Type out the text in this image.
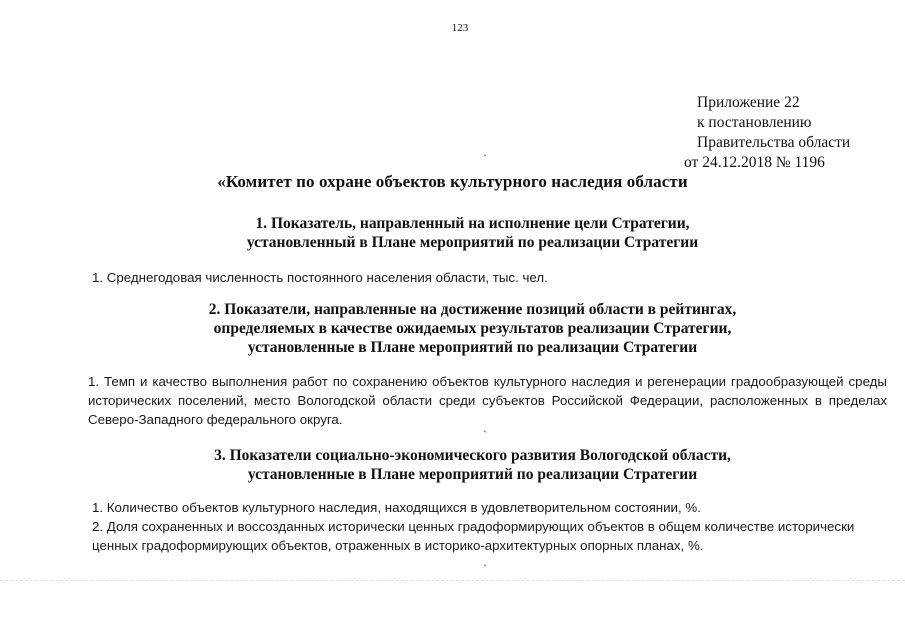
123
Приложение 22
к постановлению
Правительства области
от 24.12.2018 № 1196
«Комитет по охране объектов культурного наследия области
1. Показатель, направленный на исполнение цели Стратегии,
установленный в Плане мероприятий по реализации Стратегии
1. Среднегодовая численность постоянного населения области, тыс. чел.
2. Показатели, направленные на достижение позиций области в рейтингах,
определяемых в качестве ожидаемых результатов реализации Стратегии,
установленные в Плане мероприятий по реализации Стратегии
1. Темп и качество выполнения работ по сохранению объектов культурного наследия и регенерации градообразующей среды исторических поселений, место Вологодской области среди субъектов Российской Федерации, расположенных в пределах Северо-Западного федерального округа.
3. Показатели социально-экономического развития Вологодской области,
установленные в Плане мероприятий по реализации Стратегии
1. Количество объектов культурного наследия, находящихся в удовлетворительном состоянии, %.
2. Доля сохраненных и воссозданных исторически ценных градоформирующих объектов в общем количестве исторически ценных градоформирующих объектов, отраженных в историко-архитектурных опорных планах, %.
`
`
`
